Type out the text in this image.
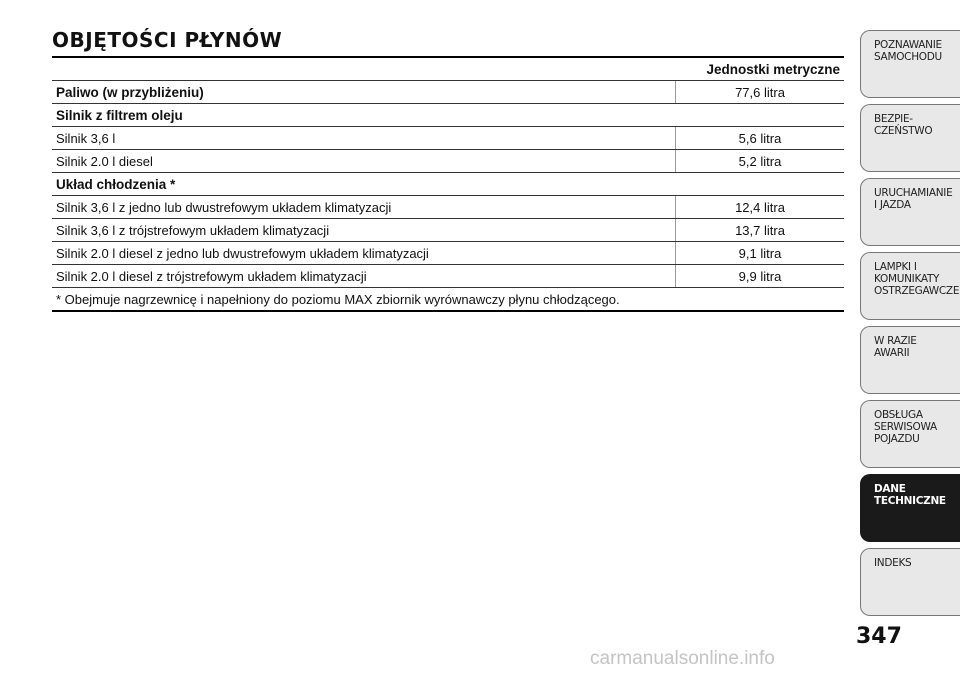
OBJĘTOŚCI PŁYNÓW
Jednostki metryczne	
Paliwo (w przybliżeniu)	77,6 litra
Silnik z filtrem oleju	
Silnik 3,6 l	5,6 litra
Silnik 2.0 l diesel	5,2 litra
Układ chłodzenia *	
Silnik 3,6 l z jedno lub dwustrefowym układem klimatyzacji	12,4 litra
Silnik 3,6 l z trójstrefowym układem klimatyzacji	13,7 litra
Silnik 2.0 l diesel z jedno lub dwustrefowym układem klimatyzacji	9,1 litra
Silnik 2.0 l diesel z trójstrefowym układem klimatyzacji	9,9 litra
* Obejmuje nagrzewnicę i napełniony do poziomu MAX zbiornik wyrównawczy płynu chłodzącego.	
POZNAWANIE
SAMOCHODU
BEZPIE-
CZEŃSTWO
URUCHAMIANIE
I JAZDA
LAMPKI I
KOMUNIKATY
OSTRZEGAWCZE
W RAZIE
AWARII
OBSŁUGA
SERWISOWA
POJAZDU
DANE
TECHNICZNE
INDEKS
347
carmanualsonline.info
